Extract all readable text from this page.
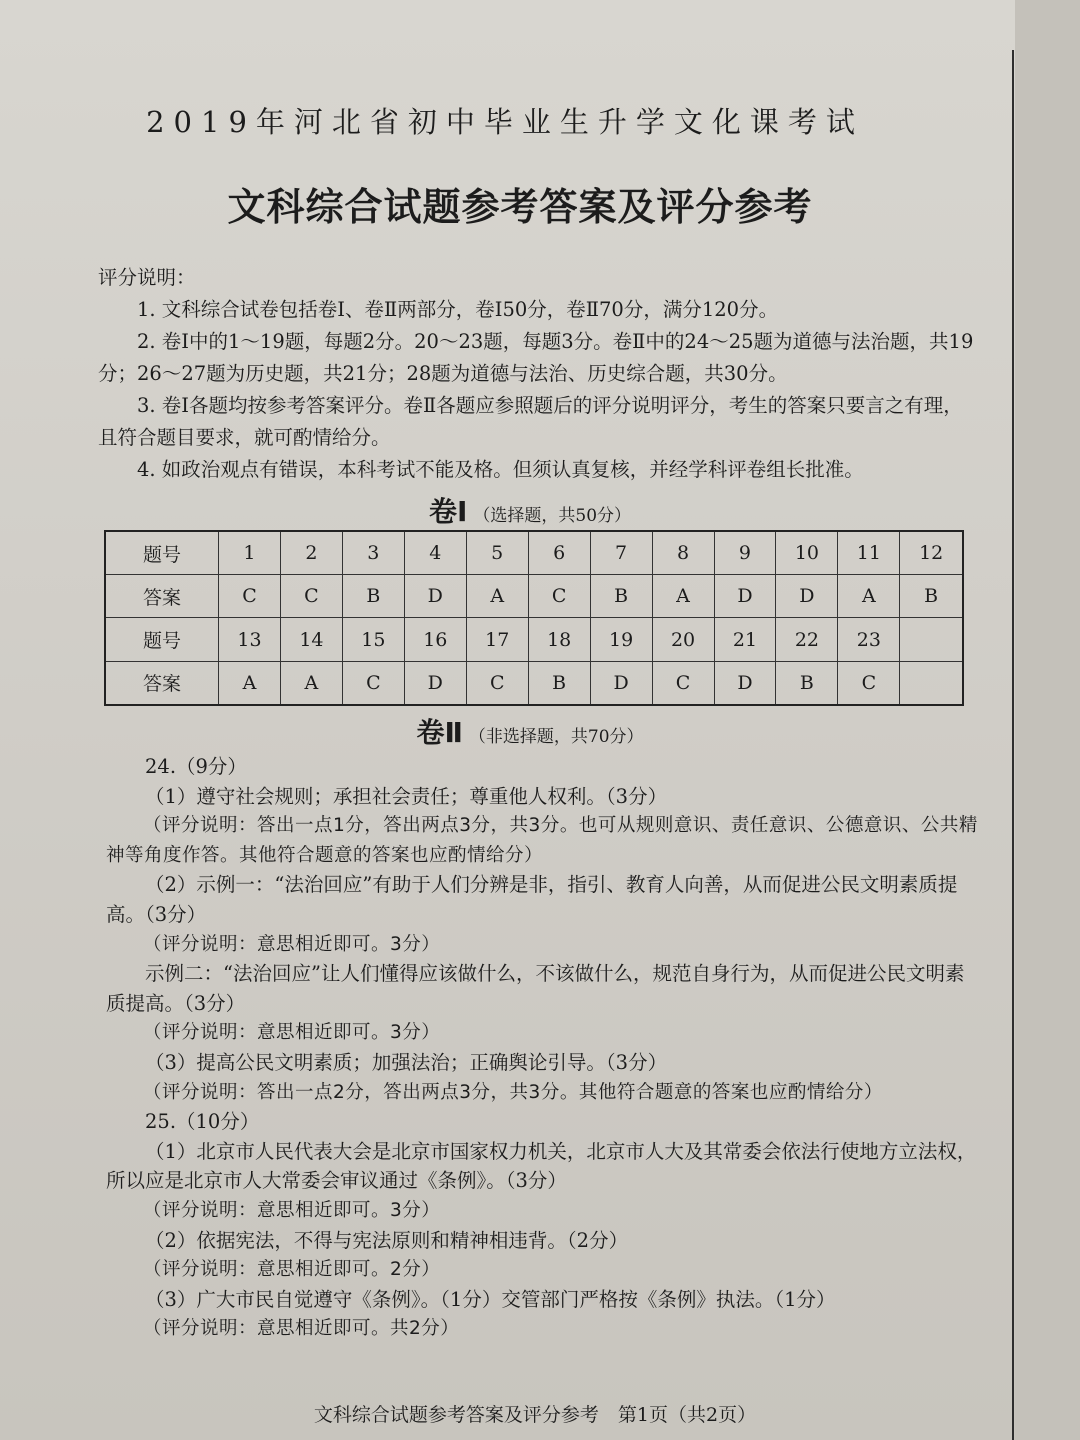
2019年河北省初中毕业生升学文化课考试
文科综合试题参考答案及评分参考

评分说明：

1. 文科综合试卷包括卷Ⅰ、卷Ⅱ两部分，卷Ⅰ50分，卷Ⅱ70分，满分120分。

2. 卷Ⅰ中的1～19题，每题2分。20～23题，每题3分。卷Ⅱ中的24～25题为道德与法治题，共19分；26～27题为历史题，共21分；28题为道德与法治、历史综合题，共30分。

3. 卷Ⅰ各题均按参考答案评分。卷Ⅱ各题应参照题后的评分说明评分，考生的答案只要言之有理，且符合题目要求，就可酌情给分。

4. 如政治观点有错误，本科考试不能及格。但须认真复核，并经学科评卷组长批准。

卷Ⅰ （选择题，共50分）
题号	1	2	3	4	5	6	7	8	9	10	11	12
答案	C	C	B	D	A	C	B	A	D	D	A	B
题号	13	14	15	16	17	18	19	20	21	22	23	
答案	A	A	C	D	C	B	D	C	D	B	C	
卷Ⅱ （非选择题，共70分）

24.（9分）

（1）遵守社会规则；承担社会责任；尊重他人权利。（3分）

（评分说明：答出一点1分，答出两点3分，共3分。也可从规则意识、责任意识、公德意识、公共精神等角度作答。其他符合题意的答案也应酌情给分）

（2）示例一：“法治回应”有助于人们分辨是非，指引、教育人向善，从而促进公民文明素质提高。（3分）

（评分说明：意思相近即可。3分）

示例二：“法治回应”让人们懂得应该做什么，不该做什么，规范自身行为，从而促进公民文明素质提高。（3分）

（评分说明：意思相近即可。3分）

（3）提高公民文明素质；加强法治；正确舆论引导。（3分）

（评分说明：答出一点2分，答出两点3分，共3分。其他符合题意的答案也应酌情给分）

25.（10分）

（1）北京市人民代表大会是北京市国家权力机关，北京市人大及其常委会依法行使地方立法权，所以应是北京市人大常委会审议通过《条例》。（3分）

（评分说明：意思相近即可。3分）

（2）依据宪法，不得与宪法原则和精神相违背。（2分）

（评分说明：意思相近即可。2分）

（3）广大市民自觉遵守《条例》。（1分）交管部门严格按《条例》执法。（1分）

（评分说明：意思相近即可。共2分）

文科综合试题参考答案及评分参考　第1页（共2页）
